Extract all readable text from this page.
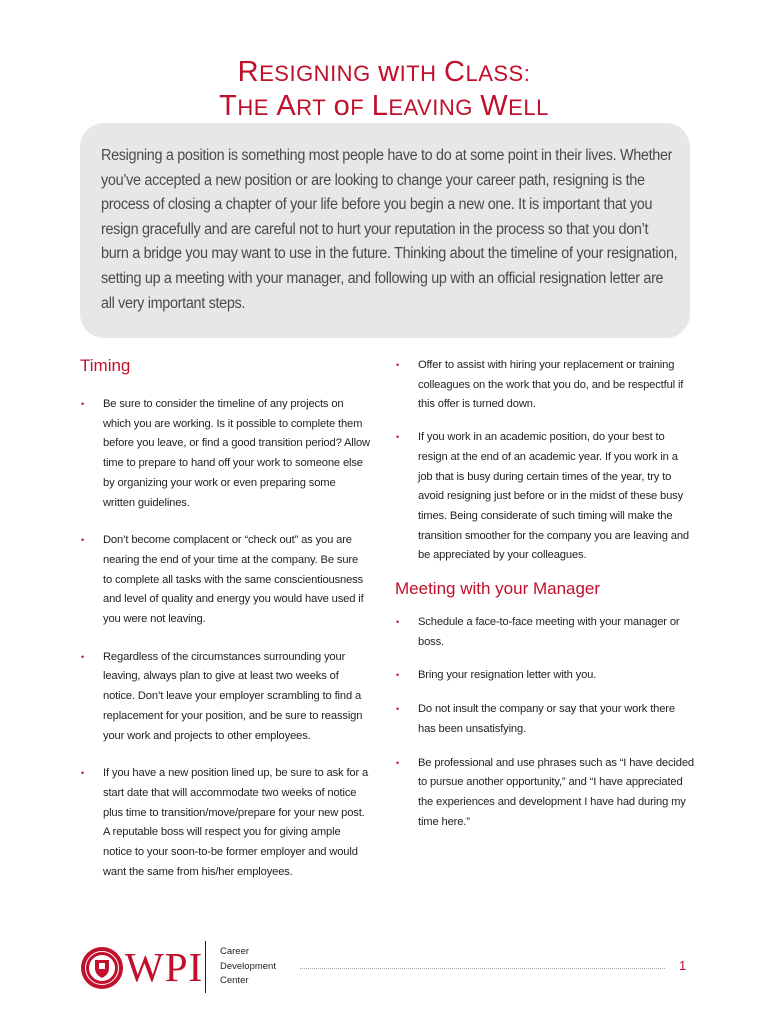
RESIGNING wITH CLASS:
THE ART oF LEAVING WELL

Resigning a position is something most people have to do at some point in their lives. Whether you’ve accepted a new position or are looking to change your career path, resigning is the process of closing a chapter of your life before you begin a new one. It is important that you resign gracefully and are careful not to hurt your reputation in the process so that you don’t burn a bridge you may want to use in the future. Thinking about the timeline of your resignation, setting up a meeting with your manager, and following up with an official resignation letter are all very important steps.

Timing
• Be sure to consider the timeline of any projects on which you are working. Is it possible to complete them before you leave, or find a good transition period? Allow time to prepare to hand off your work to someone else by organizing your work or even preparing some written guidelines.
• Don’t become complacent or “check out” as you are nearing the end of your time at the company. Be sure to complete all tasks with the same conscientiousness and level of quality and energy you would have used if you were not leaving.
• Regardless of the circumstances surrounding your leaving, always plan to give at least two weeks of notice. Don’t leave your employer scrambling to find a replacement for your position, and be sure to reassign your work and projects to other employees.
• If you have a new position lined up, be sure to ask for a start date that will accommodate two weeks of notice plus time to transition/move/prepare for your new post. A reputable boss will respect you for giving ample notice to your soon-to-be former employer and would want the same from his/her employees.
• Offer to assist with hiring your replacement or training colleagues on the work that you do, and be respectful if this offer is turned down.
• If you work in an academic position, do your best to resign at the end of an academic year. If you work in a job that is busy during certain times of the year, try to avoid resigning just before or in the midst of these busy times. Being considerate of such timing will make the transition smoother for the company you are leaving and be appreciated by your colleagues.
Meeting with your Manager
• Schedule a face-to-face meeting with your manager or boss.
• Bring your resignation letter with you.
• Do not insult the company or say that your work there has been unsatisfying.
• Be professional and use phrases such as “I have decided to pursue another opportunity,” and “I have appreciated the experiences and development I have had during my time here.”
WPI Career
Development
Center
1
